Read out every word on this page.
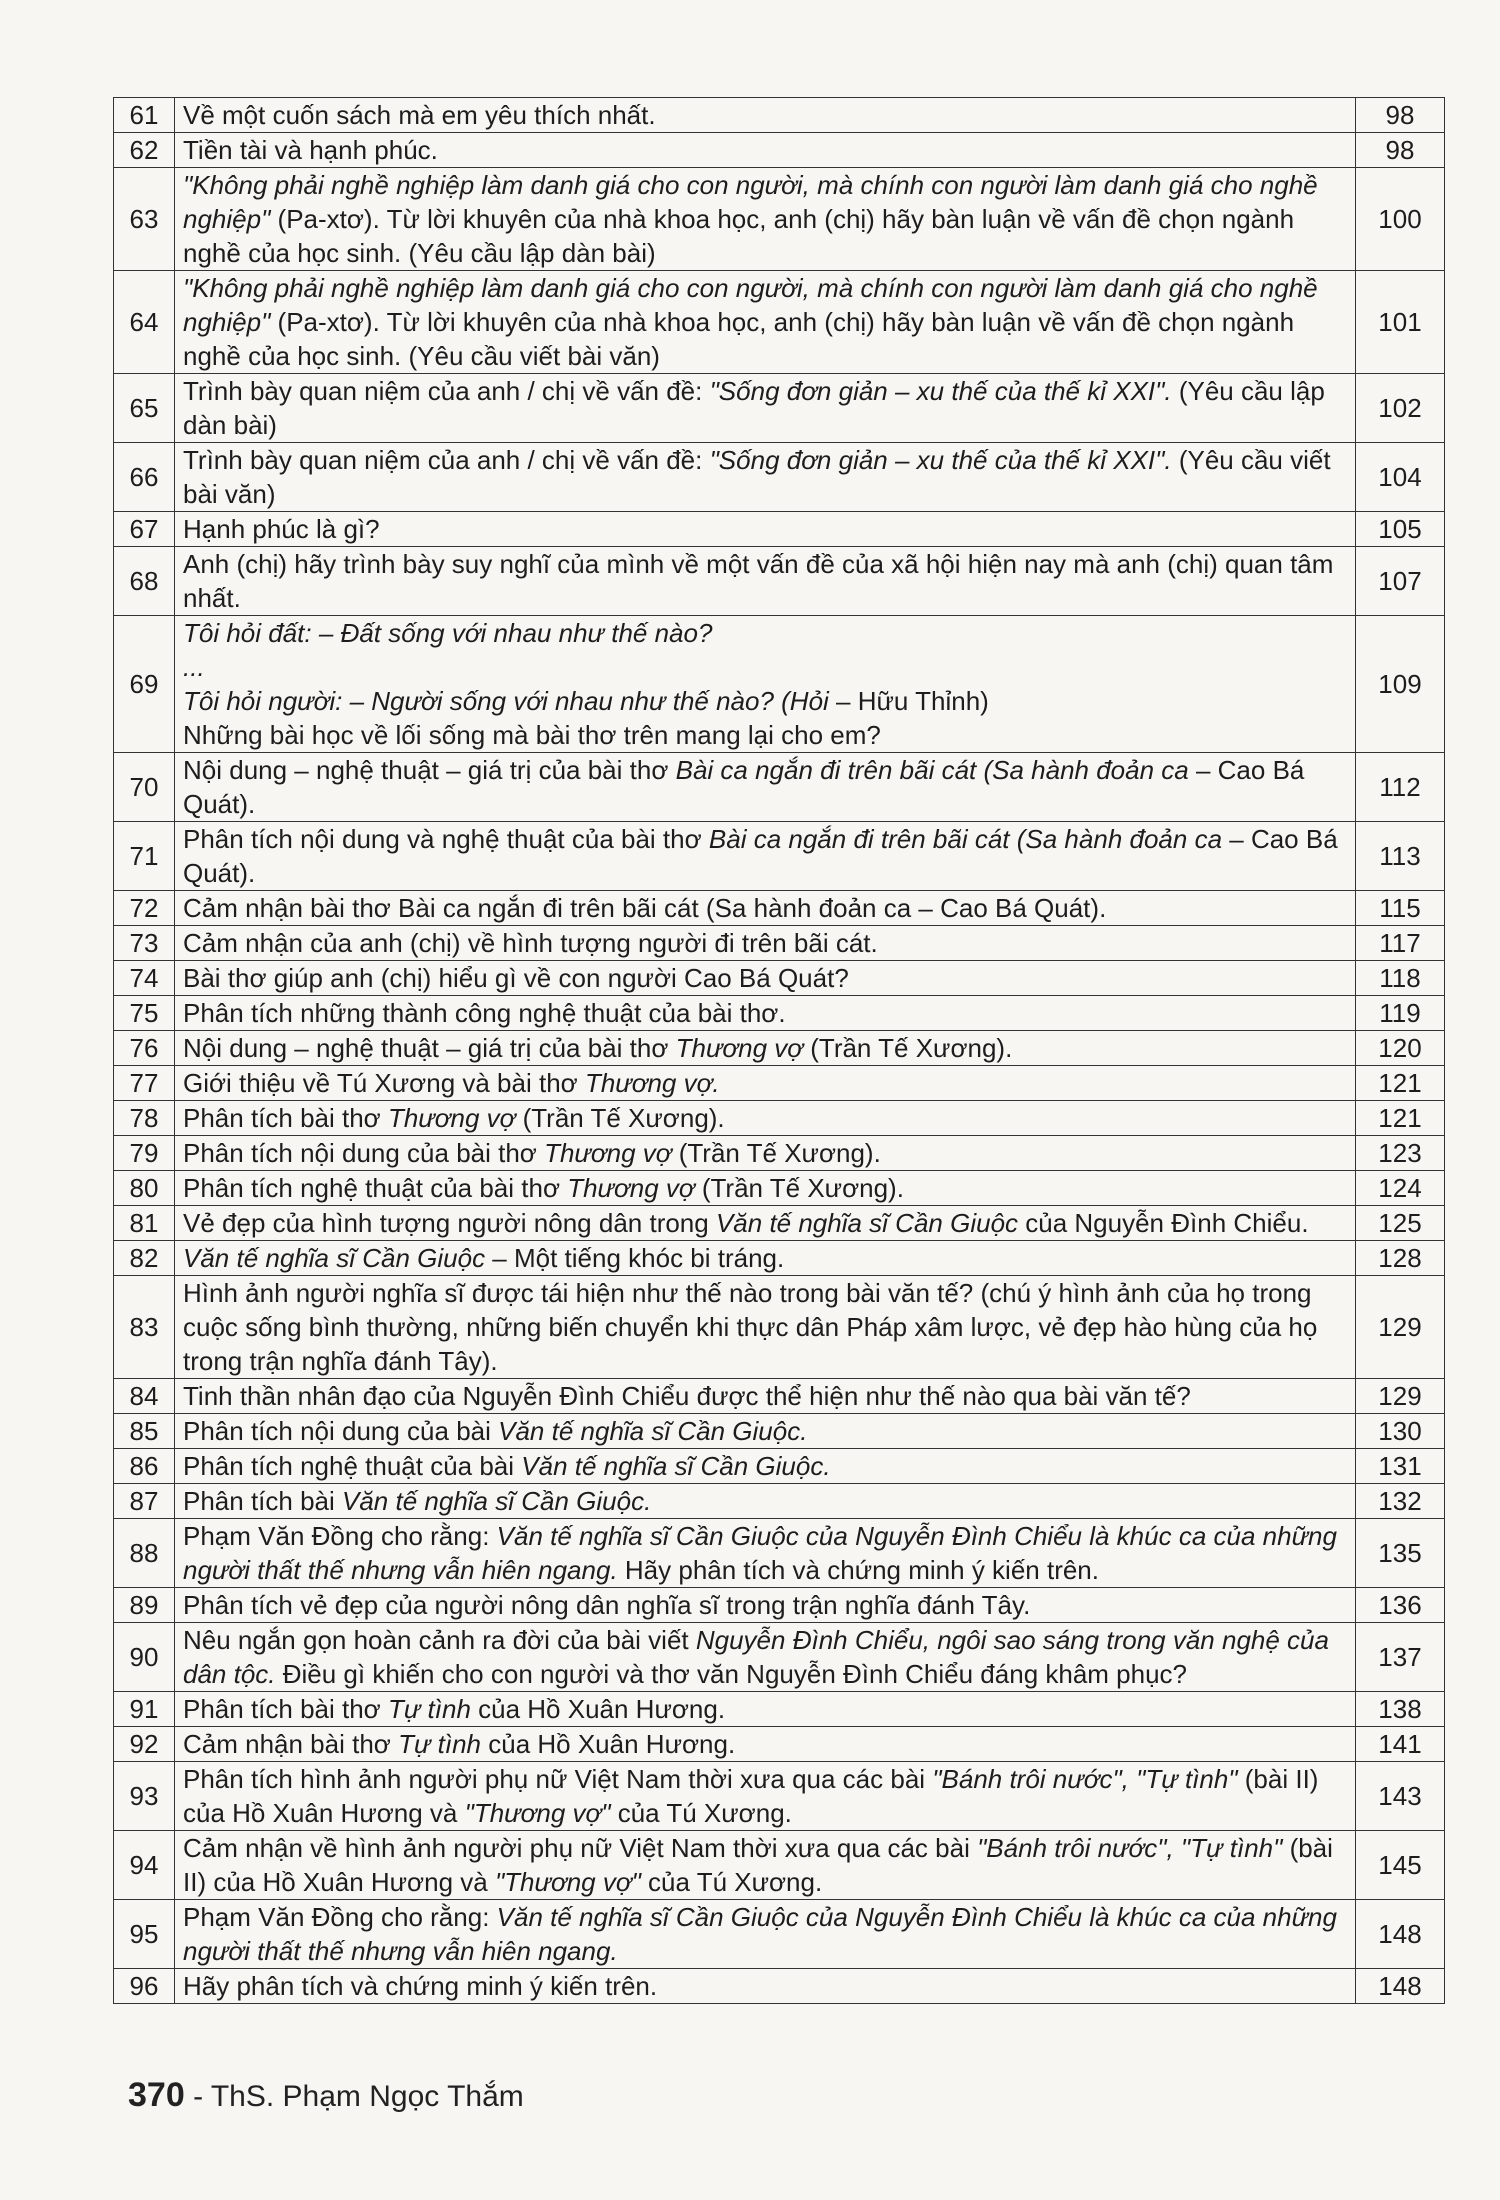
61	Về một cuốn sách mà em yêu thích nhất.	98
62	Tiền tài và hạnh phúc.	98
63	"Không phải nghề nghiệp làm danh giá cho con người, mà chính con người làm danh giá cho nghề nghiệp" (Pa-xtơ). Từ lời khuyên của nhà khoa học, anh (chị) hãy bàn luận về vấn đề chọn ngành nghề của học sinh. (Yêu cầu lập dàn bài)	100
64	"Không phải nghề nghiệp làm danh giá cho con người, mà chính con người làm danh giá cho nghề nghiệp" (Pa-xtơ). Từ lời khuyên của nhà khoa học, anh (chị) hãy bàn luận về vấn đề chọn ngành nghề của học sinh. (Yêu cầu viết bài văn)	101
65	Trình bày quan niệm của anh / chị về vấn đề: "Sống đơn giản – xu thế của thế kỉ XXI". (Yêu cầu lập dàn bài)	102
66	Trình bày quan niệm của anh / chị về vấn đề: "Sống đơn giản – xu thế của thế kỉ XXI". (Yêu cầu viết bài văn)	104
67	Hạnh phúc là gì?	105
68	Anh (chị) hãy trình bày suy nghĩ của mình về một vấn đề của xã hội hiện nay mà anh (chị) quan tâm nhất.	107
69	Tôi hỏi đất: – Đất sống với nhau như thế nào?
...
Tôi hỏi người: – Người sống với nhau như thế nào? (Hỏi – Hữu Thỉnh)
Những bài học về lối sống mà bài thơ trên mang lại cho em?	109
70	Nội dung – nghệ thuật – giá trị của bài thơ Bài ca ngắn đi trên bãi cát (Sa hành đoản ca – Cao Bá Quát).	112
71	Phân tích nội dung và nghệ thuật của bài thơ Bài ca ngắn đi trên bãi cát (Sa hành đoản ca – Cao Bá Quát).	113
72	Cảm nhận bài thơ Bài ca ngắn đi trên bãi cát (Sa hành đoản ca – Cao Bá Quát).	115
73	Cảm nhận của anh (chị) về hình tượng người đi trên bãi cát.	117
74	Bài thơ giúp anh (chị) hiểu gì về con người Cao Bá Quát?	118
75	Phân tích những thành công nghệ thuật của bài thơ.	119
76	Nội dung – nghệ thuật – giá trị của bài thơ Thương vợ (Trần Tế Xương).	120
77	Giới thiệu về Tú Xương và bài thơ Thương vợ.	121
78	Phân tích bài thơ Thương vợ (Trần Tế Xương).	121
79	Phân tích nội dung của bài thơ Thương vợ (Trần Tế Xương).	123
80	Phân tích nghệ thuật của bài thơ Thương vợ (Trần Tế Xương).	124
81	Vẻ đẹp của hình tượng người nông dân trong Văn tế nghĩa sĩ Cần Giuộc của Nguyễn Đình Chiểu.	125
82	Văn tế nghĩa sĩ Cần Giuộc – Một tiếng khóc bi tráng.	128
83	Hình ảnh người nghĩa sĩ được tái hiện như thế nào trong bài văn tế? (chú ý hình ảnh của họ trong cuộc sống bình thường, những biến chuyển khi thực dân Pháp xâm lược, vẻ đẹp hào hùng của họ trong trận nghĩa đánh Tây).	129
84	Tinh thần nhân đạo của Nguyễn Đình Chiểu được thể hiện như thế nào qua bài văn tế?	129
85	Phân tích nội dung của bài Văn tế nghĩa sĩ Cần Giuộc.	130
86	Phân tích nghệ thuật của bài Văn tế nghĩa sĩ Cần Giuộc.	131
87	Phân tích bài Văn tế nghĩa sĩ Cần Giuộc.	132
88	Phạm Văn Đồng cho rằng: Văn tế nghĩa sĩ Cần Giuộc của Nguyễn Đình Chiểu là khúc ca của những người thất thế nhưng vẫn hiên ngang. Hãy phân tích và chứng minh ý kiến trên.	135
89	Phân tích vẻ đẹp của người nông dân nghĩa sĩ trong trận nghĩa đánh Tây.	136
90	Nêu ngắn gọn hoàn cảnh ra đời của bài viết Nguyễn Đình Chiểu, ngôi sao sáng trong văn nghệ của dân tộc. Điều gì khiến cho con người và thơ văn Nguyễn Đình Chiểu đáng khâm phục?	137
91	Phân tích bài thơ Tự tình của Hồ Xuân Hương.	138
92	Cảm nhận bài thơ Tự tình của Hồ Xuân Hương.	141
93	Phân tích hình ảnh người phụ nữ Việt Nam thời xưa qua các bài "Bánh trôi nước", "Tự tình" (bài II) của Hồ Xuân Hương và "Thương vợ" của Tú Xương.	143
94	Cảm nhận về hình ảnh người phụ nữ Việt Nam thời xưa qua các bài "Bánh trôi nước", "Tự tình" (bài II) của Hồ Xuân Hương và "Thương vợ" của Tú Xương.	145
95	Phạm Văn Đồng cho rằng: Văn tế nghĩa sĩ Cần Giuộc của Nguyễn Đình Chiểu là khúc ca của những người thất thế nhưng vẫn hiên ngang.	148
96	Hãy phân tích và chứng minh ý kiến trên.	148
370 - ThS. Phạm Ngọc Thắm
